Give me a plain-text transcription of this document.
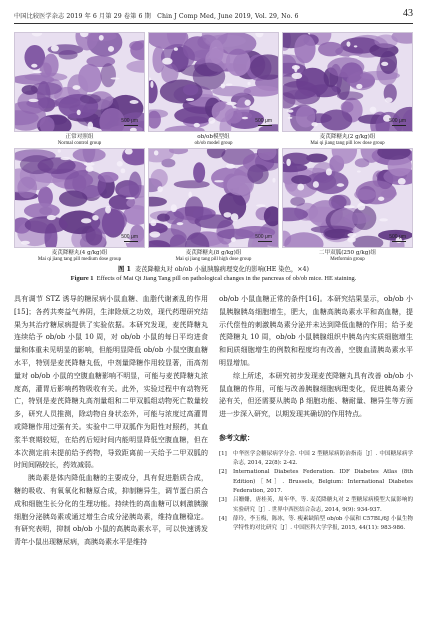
中国比较医学杂志 2019 年 6 月第 29 卷第 6 期　Chin J Comp Med, June 2019, Vol. 29, No. 6	43
500 μm
正常对照组
Normal control group
500 μm
ob/ob模型组
ob/ob model group
500 μm
麦芪降糖丸(2 g/kg)组
Mai qi jiang tang pill low dose group
500 μm
麦芪降糖丸(4 g/kg)组
Mai qi jiang tang pill medium dose group
500 μm
麦芪降糖丸(8 g/kg)组
Mai qi jiang tang pill high dose group
500 μm
二甲双胍(250 g/kg)组
Metformin group
图 1 麦芪降糖丸对 ob/ob 小鼠胰腺病理变化的影响(HE 染色，×4)
Figure 1 Effects of Mai Qi Jiang Tang pill on pathological changes in the pancreas of ob/ob mice. HE staining.

具有调节 STZ 诱导的糖尿病小鼠血糖、血脂代谢紊乱的作用[15]；各药共奏益气养阴，生津除烦之功效，现代药理研究结果为其治疗糖尿病提供了实验依据。本研究发现，麦芪降糖丸连续给予 ob/ob 小鼠 10 周，对 ob/ob 小鼠的每日平均进食量和体重未见明显的影响，但能明显降低 ob/ob 小鼠空腹血糖水平，特别是麦芪降糖丸低，中剂量降糖作用较显著，而高剂量对 ob/ob 小鼠的空腹血糖影响不明显，可能与麦芪降糖丸浓度高，灌胃后影响药物吸收有关。此外，实验过程中有动物死亡，特别是麦芪降糖丸高剂量组和二甲双胍组动物死亡数量较多，研究人员推测，除动物自身状态外，可能与浓度过高灌胃或降糖作用过强有关。实验中二甲双胍作为阳性对照药，其血浆半衰期较短，在给药后短时间内能明显降低空腹血糖，但在本次测定前未提前给予药物，导致距离前一天给予二甲双胍的时间间隔较长，药效减弱。

胰岛素是体内降低血糖的主要成分，具有促进脂质合成，糖的吸收、有氧氧化和糖原合成，抑制糖异生，调节蛋白质合成和细胞生长分化的生理功能。持续性的高血糖可以刺激胰腺细胞分泌胰岛素或通过增生合成分泌胰岛素，维持血糖稳定。有研究表明，抑制 ob/ob 小鼠的高胰岛素水平，可以快速诱发青年小鼠出现糖尿病，高胰岛素水平是维持

ob/ob 小鼠血糖正常的条件[16]。本研究结果显示，ob/ob 小鼠胰腺胰岛细胞增生，肥大，血糖高胰岛素水平和高血糖，提示代偿性的刺激胰岛素分泌并未达到降低血糖的作用；给予麦芪降糖丸 10 周，ob/ob 小鼠胰腺组织中胰岛内实质细胞增生和间质细胞增生的例数和程度均有改善，空腹血清胰岛素水平明显增加。

综上所述，本研究初步发现麦芪降糖丸具有改善 ob/ob 小鼠血糖的作用，可能与改善胰腺细胞病理变化，促进胰岛素分泌有关，但还需要从胰岛 β 细胞功能、糖耐量、糖异生等方面进一步深入研究，以期发现其确切的作用特点。

参考文献：
[1]	中华医学会糖尿病学分会. 中国 2 型糖尿病防治指南［J］. 中国糖尿病学杂志, 2014, 22(8): 2-42.
[2]	International Diabetes Federation. IDF Diabetes Atlas (8th Edition)［M］. Brussels, Belgium: International Diabetes Federation, 2017.
[3]	吕姗姗，唐桂英，周年华，等. 麦芪降糖丸对 2 型糖尿病模型大鼠影响的实验研究［J］. 世界中西医结合杂志, 2014, 9(9): 934-937.
[4]	薛玲，李玉梅，陈冰，等. 瘦素缺陷型 ob/ob 小鼠和 C57BL/6J 小鼠生物学特性的对比研究［J］. 中国医科大学学报, 2015, 44(11): 983-986.
